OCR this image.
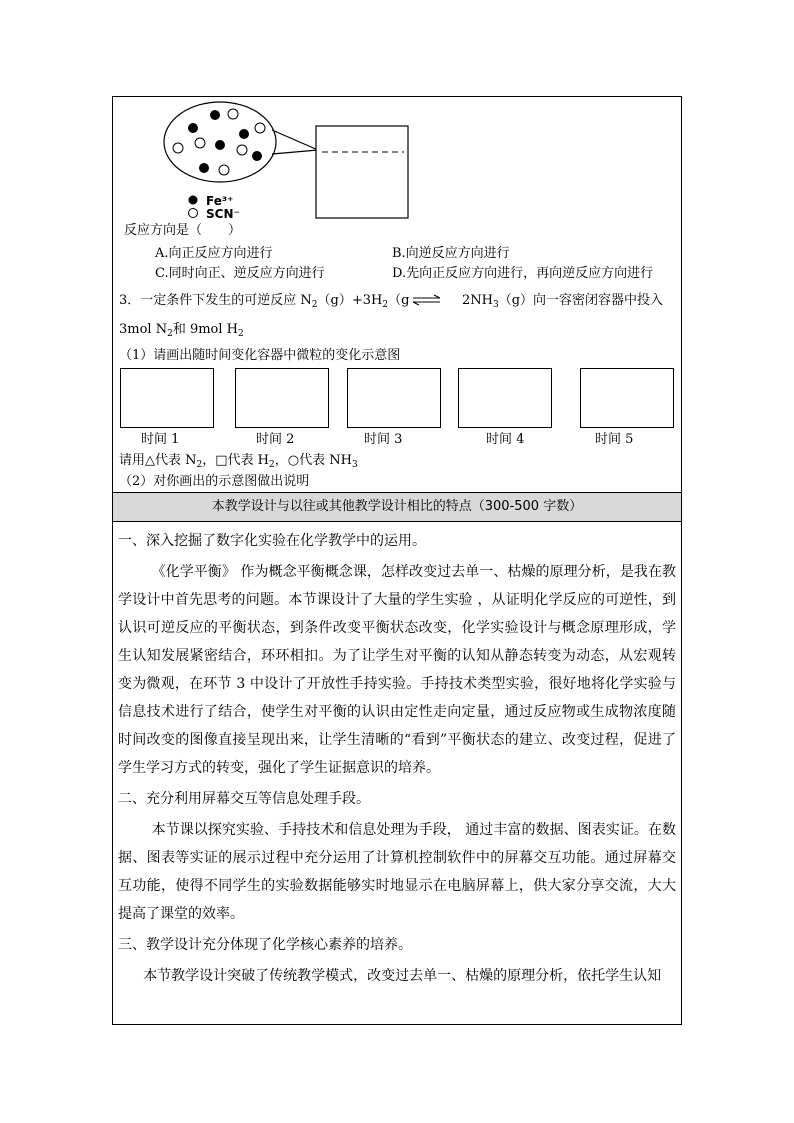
Fe³⁺
SCN⁻
反应方向是（　　）
A.向正反应方向进行	B.向逆反应方向进行
C.同时向正、逆反应方向进行	D.先向正反应方向进行，再向逆反应方向进行
3．一定条件下发生的可逆反应 $N_2(g)+3H_2(g$ ⇌ $2NH_3(g)$向一容密闭容器中投入
3mol $N_2$和 9mol $H_2$
（1）请画出随时间变化容器中微粒的变化示意图
时间 1	时间 2	时间 3	时间 4	时间 5
请用△代表 $N_2$，□代表 $H_2$，○代表 $NH_3$
（2）对你画出的示意图做出说明
本教学设计与以往或其他教学设计相比的特点（300-500 字数）

一、深入挖掘了数字化实验在化学教学中的运用。

《化学平衡》 作为概念平衡概念课，怎样改变过去单一、枯燥的原理分析，是我在教学设计中首先思考的问题。本节课设计了大量的学生实验 ，从证明化学反应的可逆性，到认识可逆反应的平衡状态，到条件改变平衡状态改变，化学实验设计与概念原理形成，学生认知发展紧密结合，环环相扣。为了让学生对平衡的认知从静态转变为动态，从宏观转变为微观，在环节 3 中设计了开放性手持实验。手持技术类型实验，很好地将化学实验与信息技术进行了结合，使学生对平衡的认识由定性走向定量，通过反应物或生成物浓度随时间改变的图像直接呈现出来，让学生清晰的“看到”平衡状态的建立、改变过程，促进了学生学习方式的转变，强化了学生证据意识的培养。

二、充分利用屏幕交互等信息处理手段。

本节课以探究实验、手持技术和信息处理为手段， 通过丰富的数据、图表实证。在数据、图表等实证的展示过程中充分运用了计算机控制软件中的屏幕交互功能。通过屏幕交互功能，使得不同学生的实验数据能够实时地显示在电脑屏幕上，供大家分享交流，大大提高了课堂的效率。

三、教学设计充分体现了化学核心素养的培养。

本节教学设计突破了传统教学模式，改变过去单一、枯燥的原理分析，依托学生认知
